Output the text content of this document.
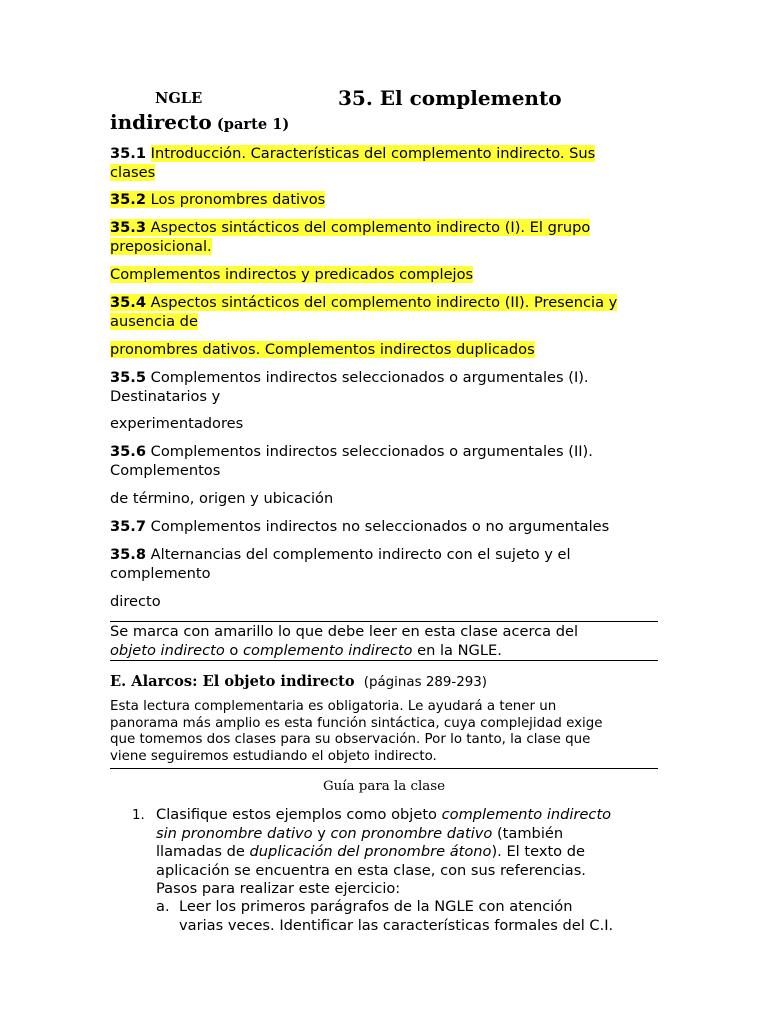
NGLE	35. El complemento
indirecto (parte 1)
35.1 Introducción. Características del complemento indirecto. Sus
clases
35.2 Los pronombres dativos
35.3 Aspectos sintácticos del complemento indirecto (I). El grupo
preposicional.
Complementos indirectos y predicados complejos
35.4 Aspectos sintácticos del complemento indirecto (II). Presencia y
ausencia de
pronombres dativos. Complementos indirectos duplicados
35.5 Complementos indirectos seleccionados o argumentales (I).
Destinatarios y
experimentadores
35.6 Complementos indirectos seleccionados o argumentales (II).
Complementos
de término, origen y ubicación
35.7 Complementos indirectos no seleccionados o no argumentales
35.8 Alternancias del complemento indirecto con el sujeto y el
complemento
directo
Se marca con amarillo lo que debe leer en esta clase acerca del
objeto indirecto o complemento indirecto en la NGLE.
E. Alarcos: El objeto indirecto (páginas 289-293)
Esta lectura complementaria es obligatoria. Le ayudará a tener un
panorama más amplio es esta función sintáctica, cuya complejidad exige
que tomemos dos clases para su observación. Por lo tanto, la clase que
viene seguiremos estudiando el objeto indirecto.
Guía para la clase
1. Clasifique estos ejemplos como objeto complemento indirecto
sin pronombre dativo y con pronombre dativo (también
llamadas de duplicación del pronombre átono). El texto de
aplicación se encuentra en esta clase, con sus referencias.
Pasos para realizar este ejercicio:
a. Leer los primeros parágrafos de la NGLE con atención
varias veces. Identificar las características formales del C.I.
